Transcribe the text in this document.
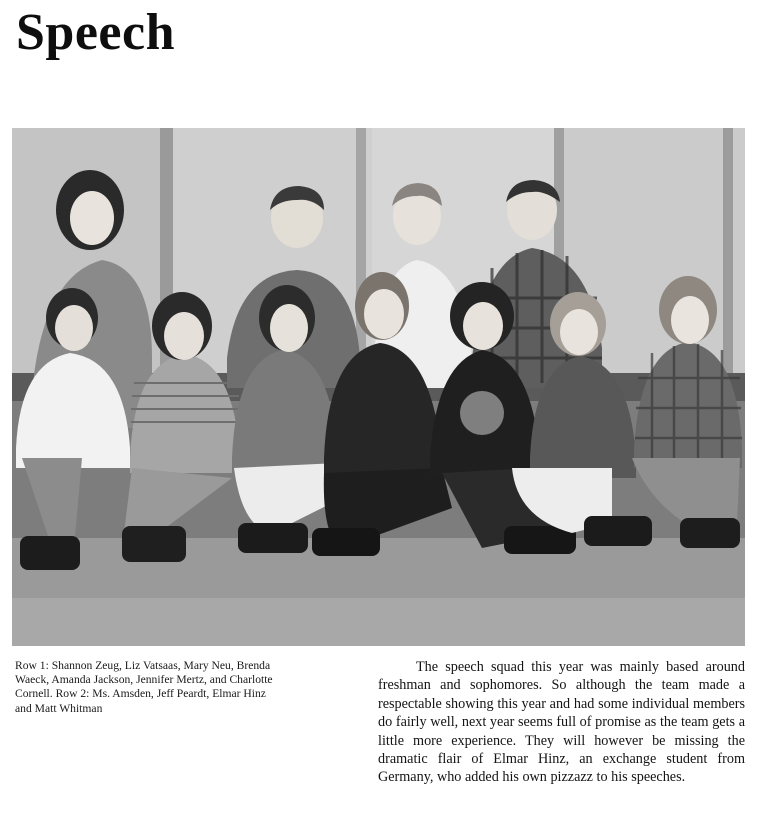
Speech

Row 1: Shannon Zeug, Liz Vatsaas, Mary Neu, Brenda Waeck, Amanda Jackson, Jennifer Mertz, and Charlotte Cornell. Row 2: Ms. Amsden, Jeff Peardt, Elmar Hinz and Matt Whitman

The speech squad this year was mainly based around freshman and sophomores. So although the team made a respectable showing this year and had some individual members do fairly well, next year seems full of promise as the team gets a little more experience. They will however be missing the dramatic flair of Elmar Hinz, an exchange student from Germany, who added his own pizzazz to his speeches.
